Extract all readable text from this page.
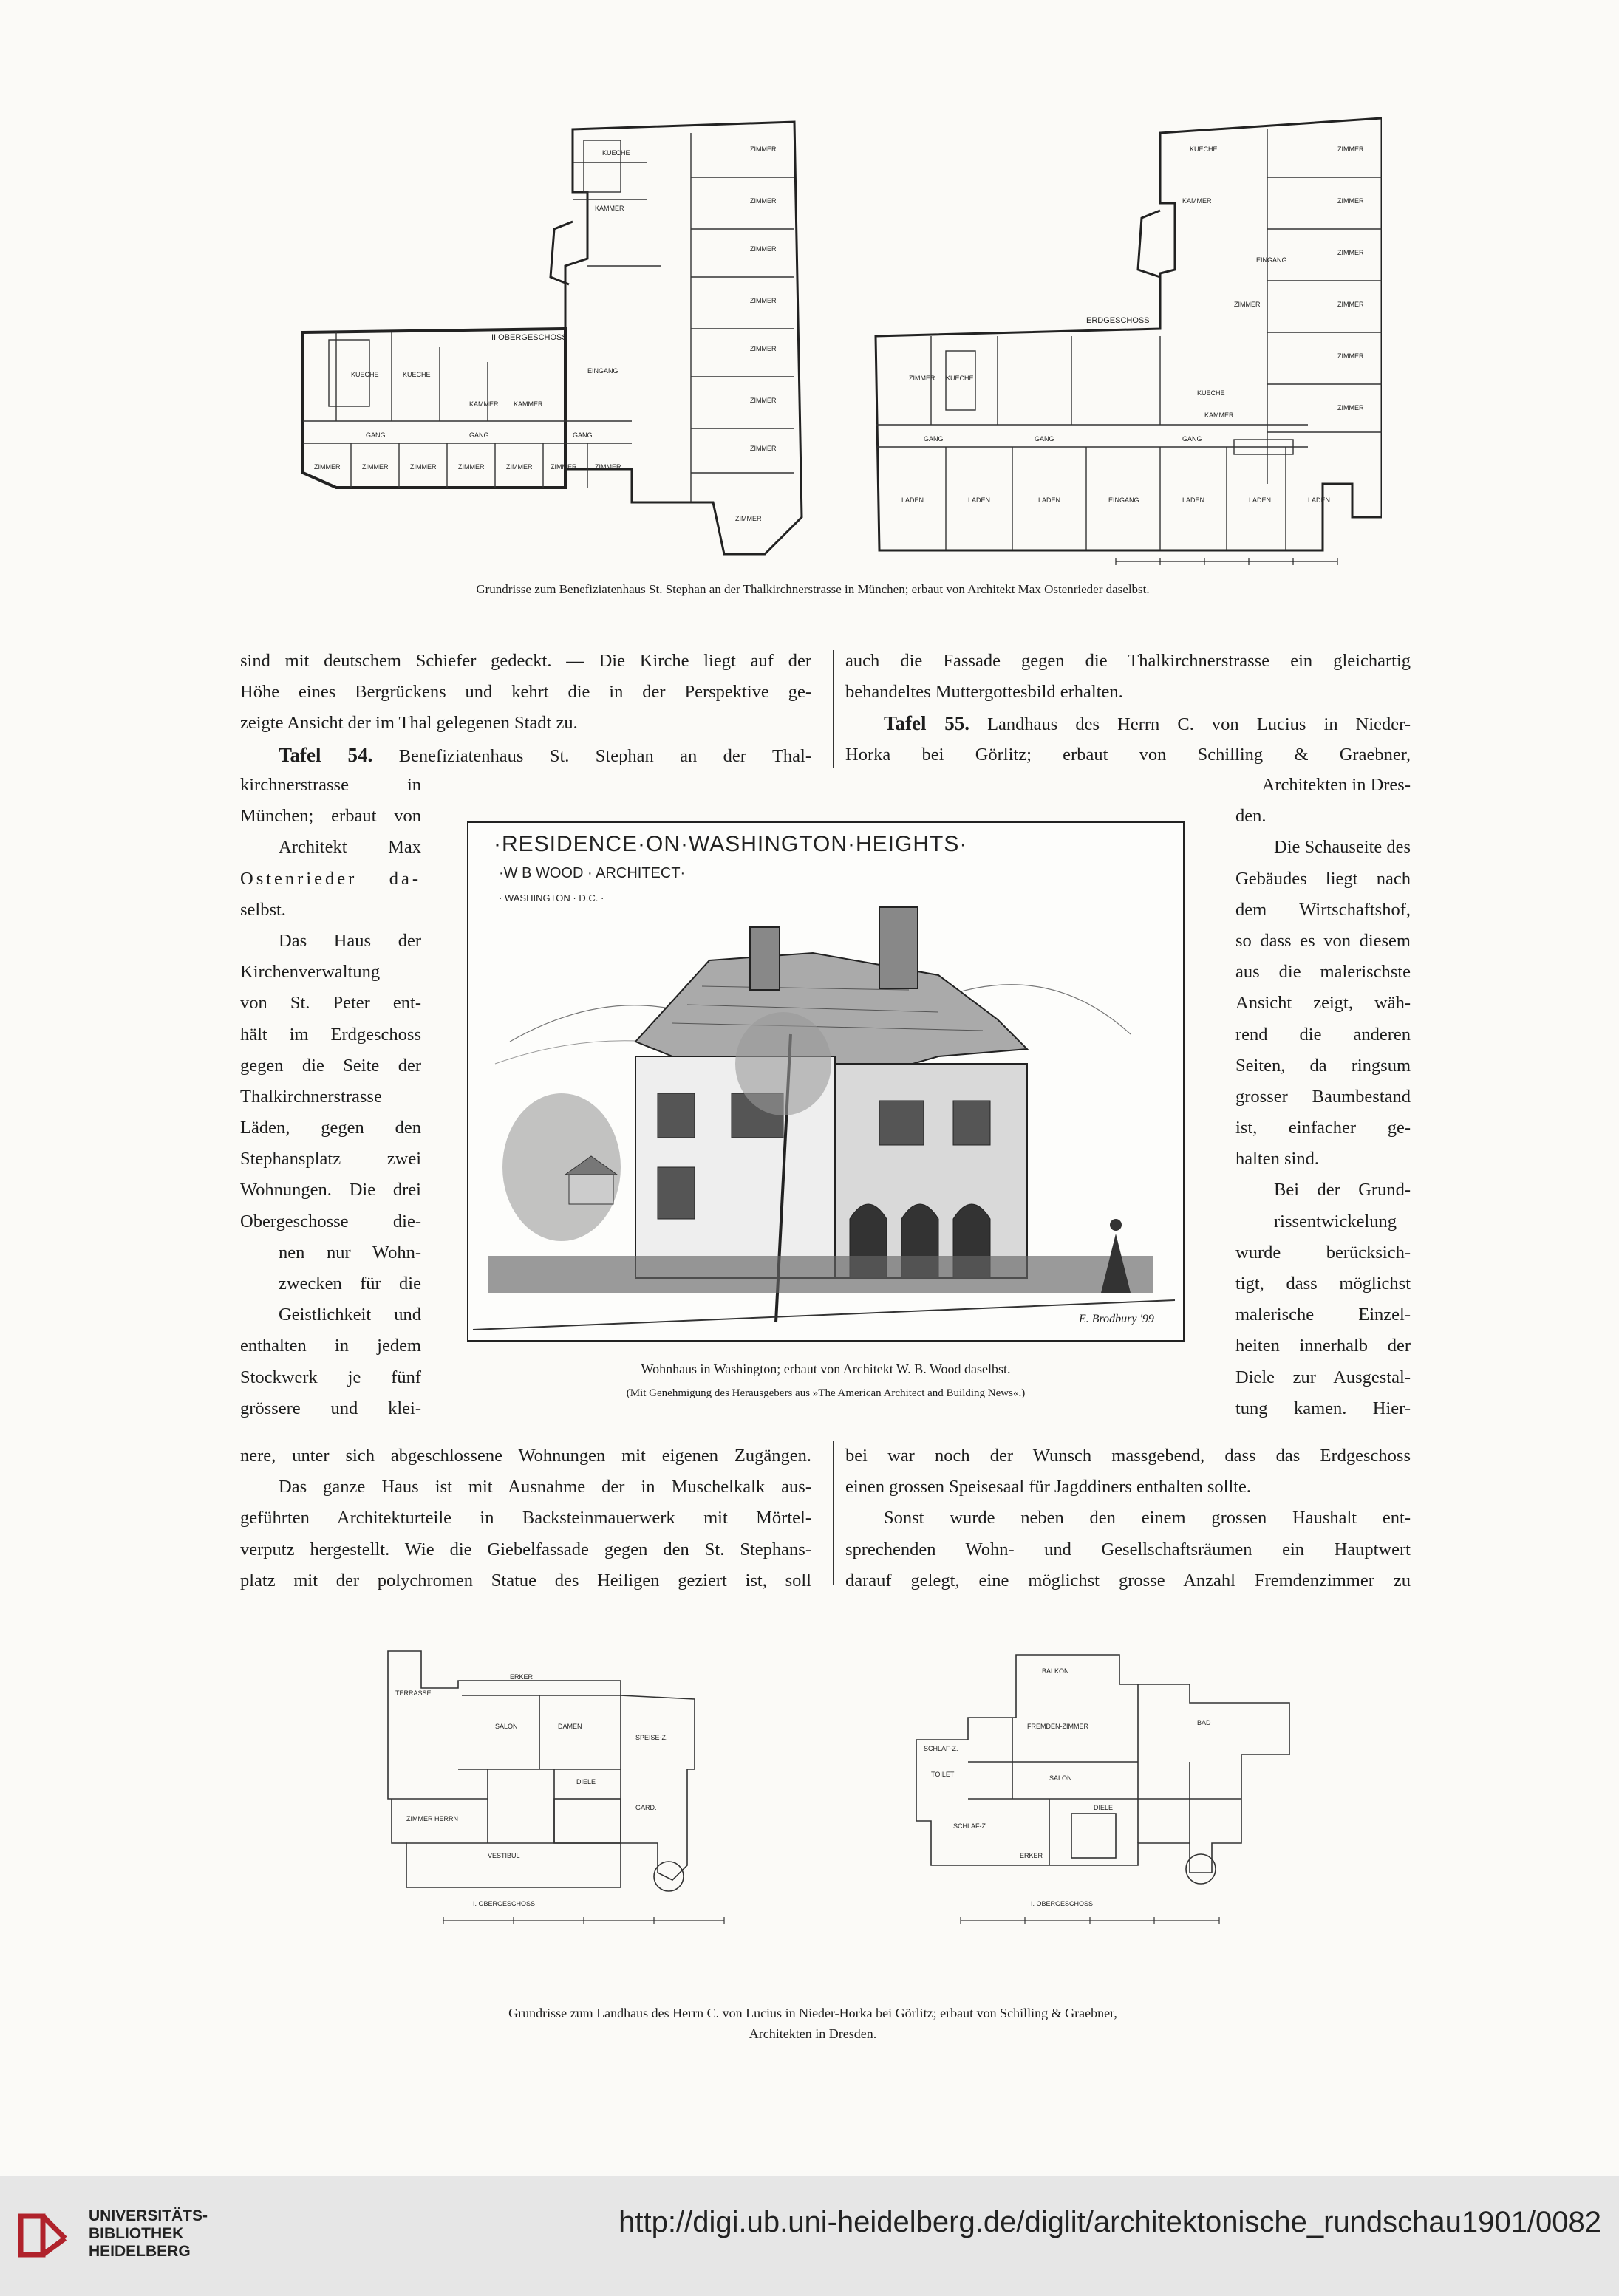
ZIMMER
ZIMMER
ZIMMER
ZIMMER
ZIMMER
ZIMMER
ZIMMER
ZIMMER
KUECHE
KAMMER
KUECHE	KUECHE
KAMMER KAMMER
EINGANG
GANG	GANG	GANG
ZIMMER	ZIMMER	ZIMMER	ZIMMER	ZIMMER	ZIMMER	ZIMMER
II OBERGESCHOSS
ZIMMER
ZIMMER
ZIMMER
ZIMMER
ZIMMER
ZIMMER
KUECHE
KAMMER
ZIMMER
EINGANG
ZIMMER KUECHE
KUECHE
KAMMER
GANG	GANG	GANG
LADEN	LADEN	LADEN	LADEN	LADEN	LADEN
EINGANG
ERDGESCHOSS
Grundrisse zum Benefiziatenhaus St. Stephan an der Thalkirchnerstrasse in München; erbaut von Architekt Max Ostenrieder daselbst.
sind mit deutschem Schiefer gedeckt. — Die Kirche liegt auf der
Höhe eines Bergrückens und kehrt die in der Perspektive ge-
zeigte Ansicht der im Thal gelegenen Stadt zu.
Tafel 54. Benefiziatenhaus St. Stephan an der Thal-
auch die Fassade gegen die Thalkirchnerstrasse ein gleichartig
behandeltes Muttergottesbild erhalten.
Tafel 55. Landhaus des Herrn C. von Lucius in Nieder-
Horka bei Görlitz; erbaut von Schilling & Graebner,
kirchnerstrasse in
München; erbaut von
Architekt Max
Ostenrieder da-
selbst.
Das Haus der
Kirchenverwaltung
von St. Peter ent-
hält im Erdgeschoss
gegen die Seite der
Thalkirchnerstrasse
Läden, gegen den
Stephansplatz zwei
Wohnungen. Die drei
Obergeschosse die-
nen nur Wohn-
zwecken für die
Geistlichkeit und
enthalten in jedem
Stockwerk je fünf
grössere und klei-
Architekten in Dres-
den.
Die Schauseite des
Gebäudes liegt nach
dem Wirtschaftshof,
so dass es von diesem
aus die malerischste
Ansicht zeigt, wäh-
rend die anderen
Seiten, da ringsum
grosser Baumbestand
ist, einfacher ge-
halten sind.
Bei der Grund-
rissentwickelung
wurde berücksich-
tigt, dass möglichst
malerische Einzel-
heiten innerhalb der
Diele zur Ausgestal-
tung kamen. Hier-
·RESIDENCE·ON·WASHINGTON·HEIGHTS·
·W B WOOD · ARCHITECT·
· WASHINGTON · D.C. ·
E. Brodbury '99
Wohnhaus in Washington; erbaut von Architekt W. B. Wood daselbst.
(Mit Genehmigung des Herausgebers aus »The American Architect and Building News«.)
nere, unter sich abgeschlossene Wohnungen mit eigenen Zugängen.
Das ganze Haus ist mit Ausnahme der in Muschelkalk aus-
geführten Architekturteile in Backsteinmauerwerk mit Mörtel-
verputz hergestellt. Wie die Giebelfassade gegen den St. Stephans-
platz mit der polychromen Statue des Heiligen geziert ist, soll
bei war noch der Wunsch massgebend, dass das Erdgeschoss
einen grossen Speisesaal für Jagddiners enthalten sollte.
Sonst wurde neben den einem grossen Haushalt ent-
sprechenden Wohn- und Gesellschaftsräumen ein Hauptwert
darauf gelegt, eine möglichst grosse Anzahl Fremdenzimmer zu
TERRASSE
ERKER
SALON	DAMEN
SPEISE-Z.
DIELE
ZIMMER HERRN
VESTIBUL
GARD.
I. OBERGESCHOSS
BALKON
FREMDEN-ZIMMER
SCHLAF-Z.
TOILET	SALON
DIELE
BAD
SCHLAF-Z.
ERKER
I. OBERGESCHOSS
Grundrisse zum Landhaus des Herrn C. von Lucius in Nieder-Horka bei Görlitz; erbaut von Schilling & Graebner,
Architekten in Dresden.
UNIVERSITÄTS-
BIBLIOTHEK
HEIDELBERG
http://digi.ub.uni-heidelberg.de/diglit/architektonische_rundschau1901/0082
